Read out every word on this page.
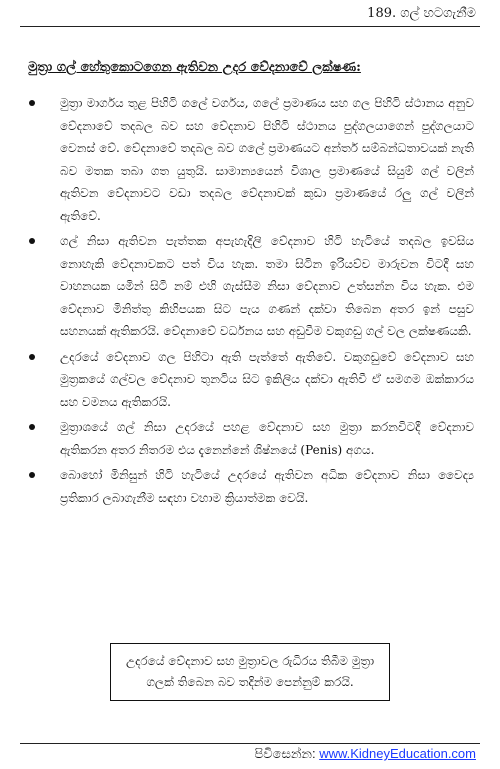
189. ගල් හටගැනීම
මුත්‍රා ගල් හේතුකොටගෙන ඇතිවන උදර වේදනාවේ ලක්ෂණ:
මුත්‍රා මාර්ගය තුළ පිහිටි ගලේ වර්ගය, ගලේ ප්‍රමාණය සහ ගල පිහිටි ස්ථානය අනුව වේදනාවේ තදබල බව සහ වේදනාව පිහිටි ස්ථානය පුද්ගලයාගෙන් පුද්ගලයාට වෙනස් වේ. වේදනාවේ තදබල බව ගලේ ප්‍රමාණයට අන්තර් සම්බන්ධතාවයක් නැති බව මතක තබා ගත යුතුයි. සාමාන්‍යයෙන් විශාල ප්‍රමාණයේ සියුම් ගල් වලින් ඇතිවන වේදනාවට වඩා තදබල වේදනාවක් කුඩා ප්‍රමාණයේ රලු ගල් වලින් ඇතිවේ.
ගල් නිසා ඇතිවන පැත්තක අපැහැදිලි වේදනාව හිටි හැටියේ තදබල ඉවසිය නොහැකි වේදනාවකට පත් විය හැක. තමා සිටින ඉරියව්ව මාරුවන විටදී සහ වාහනයක යමින් සිටී නම් එහි ගැස්සීම නිසා වේදනාව උත්සන්න විය හැක. එම වේදනාව මිනිත්තු කිහිපයක සිට පැය ගණන් දක්වා තිබෙන අතර ඉන් පසුව සහනයක් ඇතිකරයි. වේදනාවේ වර්ධනය සහ අඩුවීම වකුගඩු ගල් වල ලක්ෂණයකි.
උදරයේ වේදනාව ගල පිහිටා ඇති පැත්තේ ඇතිවේ. වකුගඩුවේ වේදනාව සහ මුත්‍රකයේ ගල්වල වේදනාව තුනටිය සිට ඉකිලිය දක්වා ඇතිවී ඒ සමගම ඔක්කාරය සහ වමනය ඇතිකරයි.
මුත්‍රාශයේ ගල් නිසා උදරයේ පහළ වේදනාව සහ මුත්‍රා කරනවිටදී වේදනාව ඇතිකරන අතර නිතරම එය දැනෙන්නේ ශිෂ්නයේ (Penis) අගය.
බොහෝ මිනිසුන් හිටි හැටියේ උදරයේ ඇතිවන අධික වේදනාව නිසා වෛද්‍ය ප්‍රතිකාර ලබාගැනීම සඳහා වහාම ක්‍රියාත්මක වෙයි.
උදරයේ වේදනාව සහ මුත්‍රාවල රුධිරය තිබීම මුත්‍රා ගලක් තිබෙන බව තදින්ම පෙන්නුම් කරයි.
පිවිසෙන්න: www.KidneyEducation.com
